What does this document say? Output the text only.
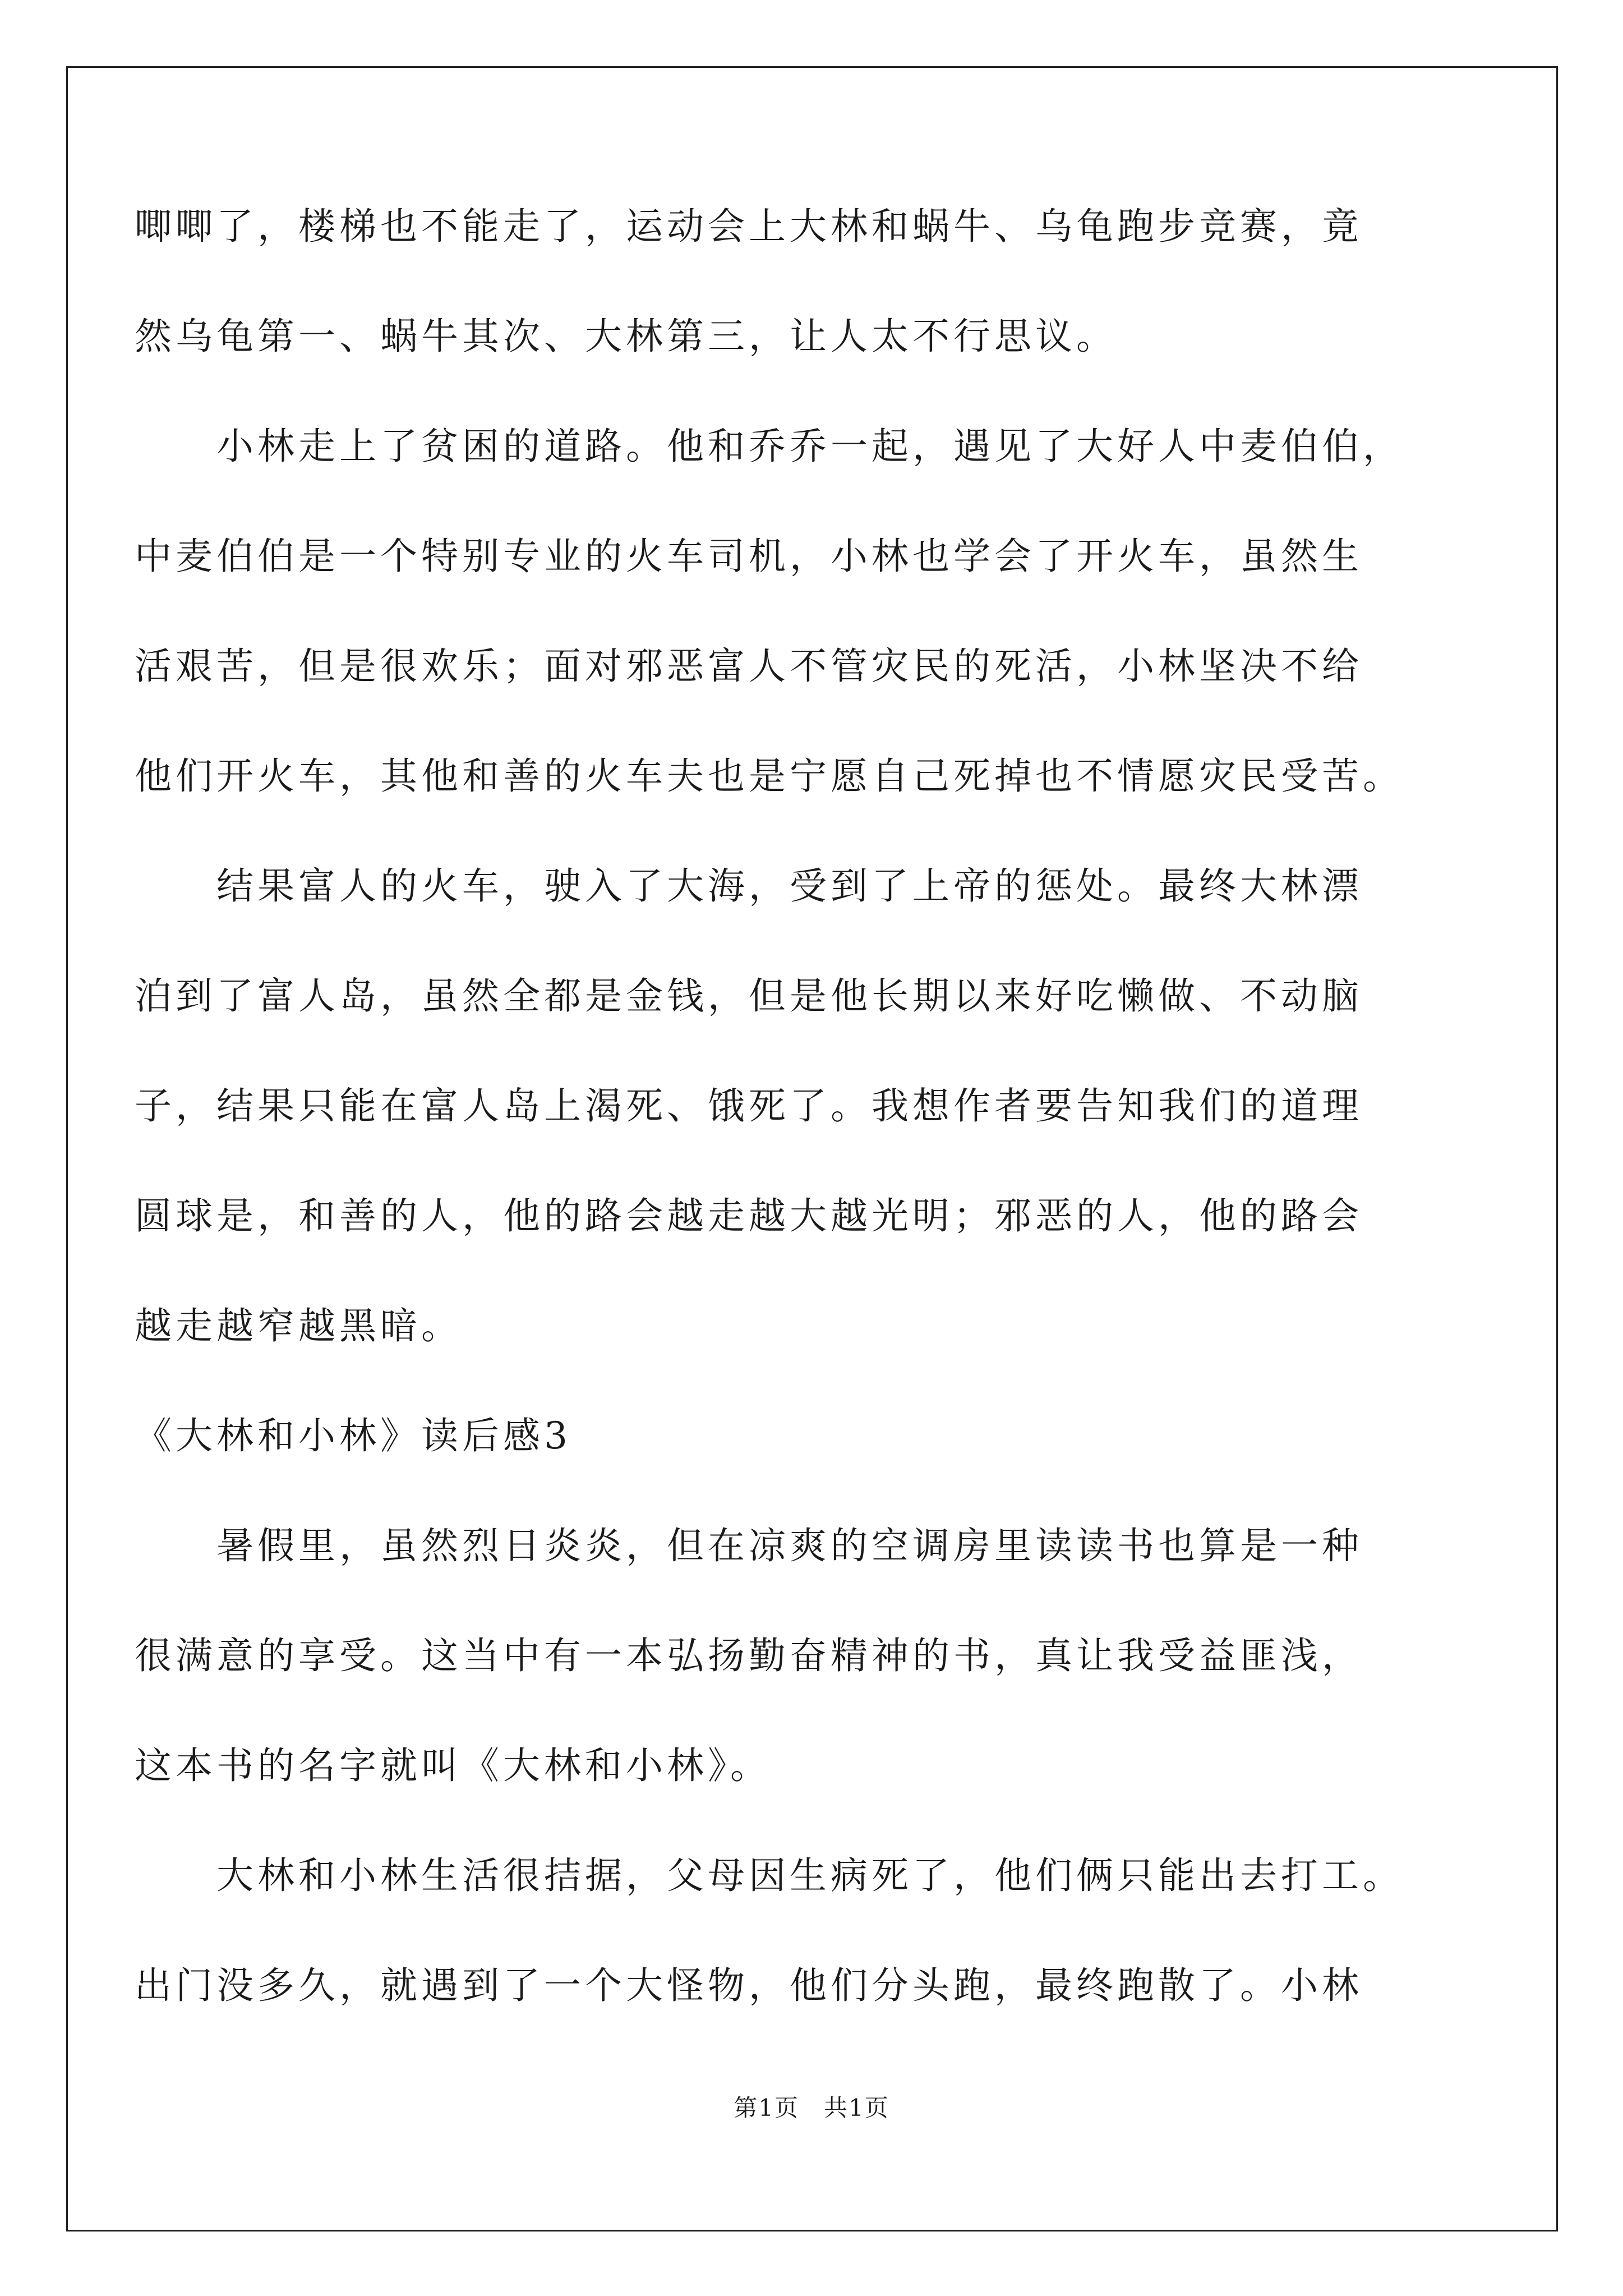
唧唧了，楼梯也不能走了，运动会上大林和蜗牛、乌龟跑步竞赛，竟

然乌龟第一、蜗牛其次、大林第三，让人太不行思议。

　　小林走上了贫困的道路。他和乔乔一起，遇见了大好人中麦伯伯，

中麦伯伯是一个特别专业的火车司机，小林也学会了开火车，虽然生

活艰苦，但是很欢乐；面对邪恶富人不管灾民的死活，小林坚决不给

他们开火车，其他和善的火车夫也是宁愿自己死掉也不情愿灾民受苦。

　　结果富人的火车，驶入了大海，受到了上帝的惩处。最终大林漂

泊到了富人岛，虽然全都是金钱，但是他长期以来好吃懒做、不动脑

子，结果只能在富人岛上渴死、饿死了。我想作者要告知我们的道理

圆球是，和善的人，他的路会越走越大越光明；邪恶的人，他的路会

越走越窄越黑暗。

《大林和小林》读后感3

　　暑假里，虽然烈日炎炎，但在凉爽的空调房里读读书也算是一种

很满意的享受。这当中有一本弘扬勤奋精神的书，真让我受益匪浅，

这本书的名字就叫《大林和小林》。

　　大林和小林生活很拮据，父母因生病死了，他们俩只能出去打工。

出门没多久，就遇到了一个大怪物，他们分头跑，最终跑散了。小林

第1页　共1页
